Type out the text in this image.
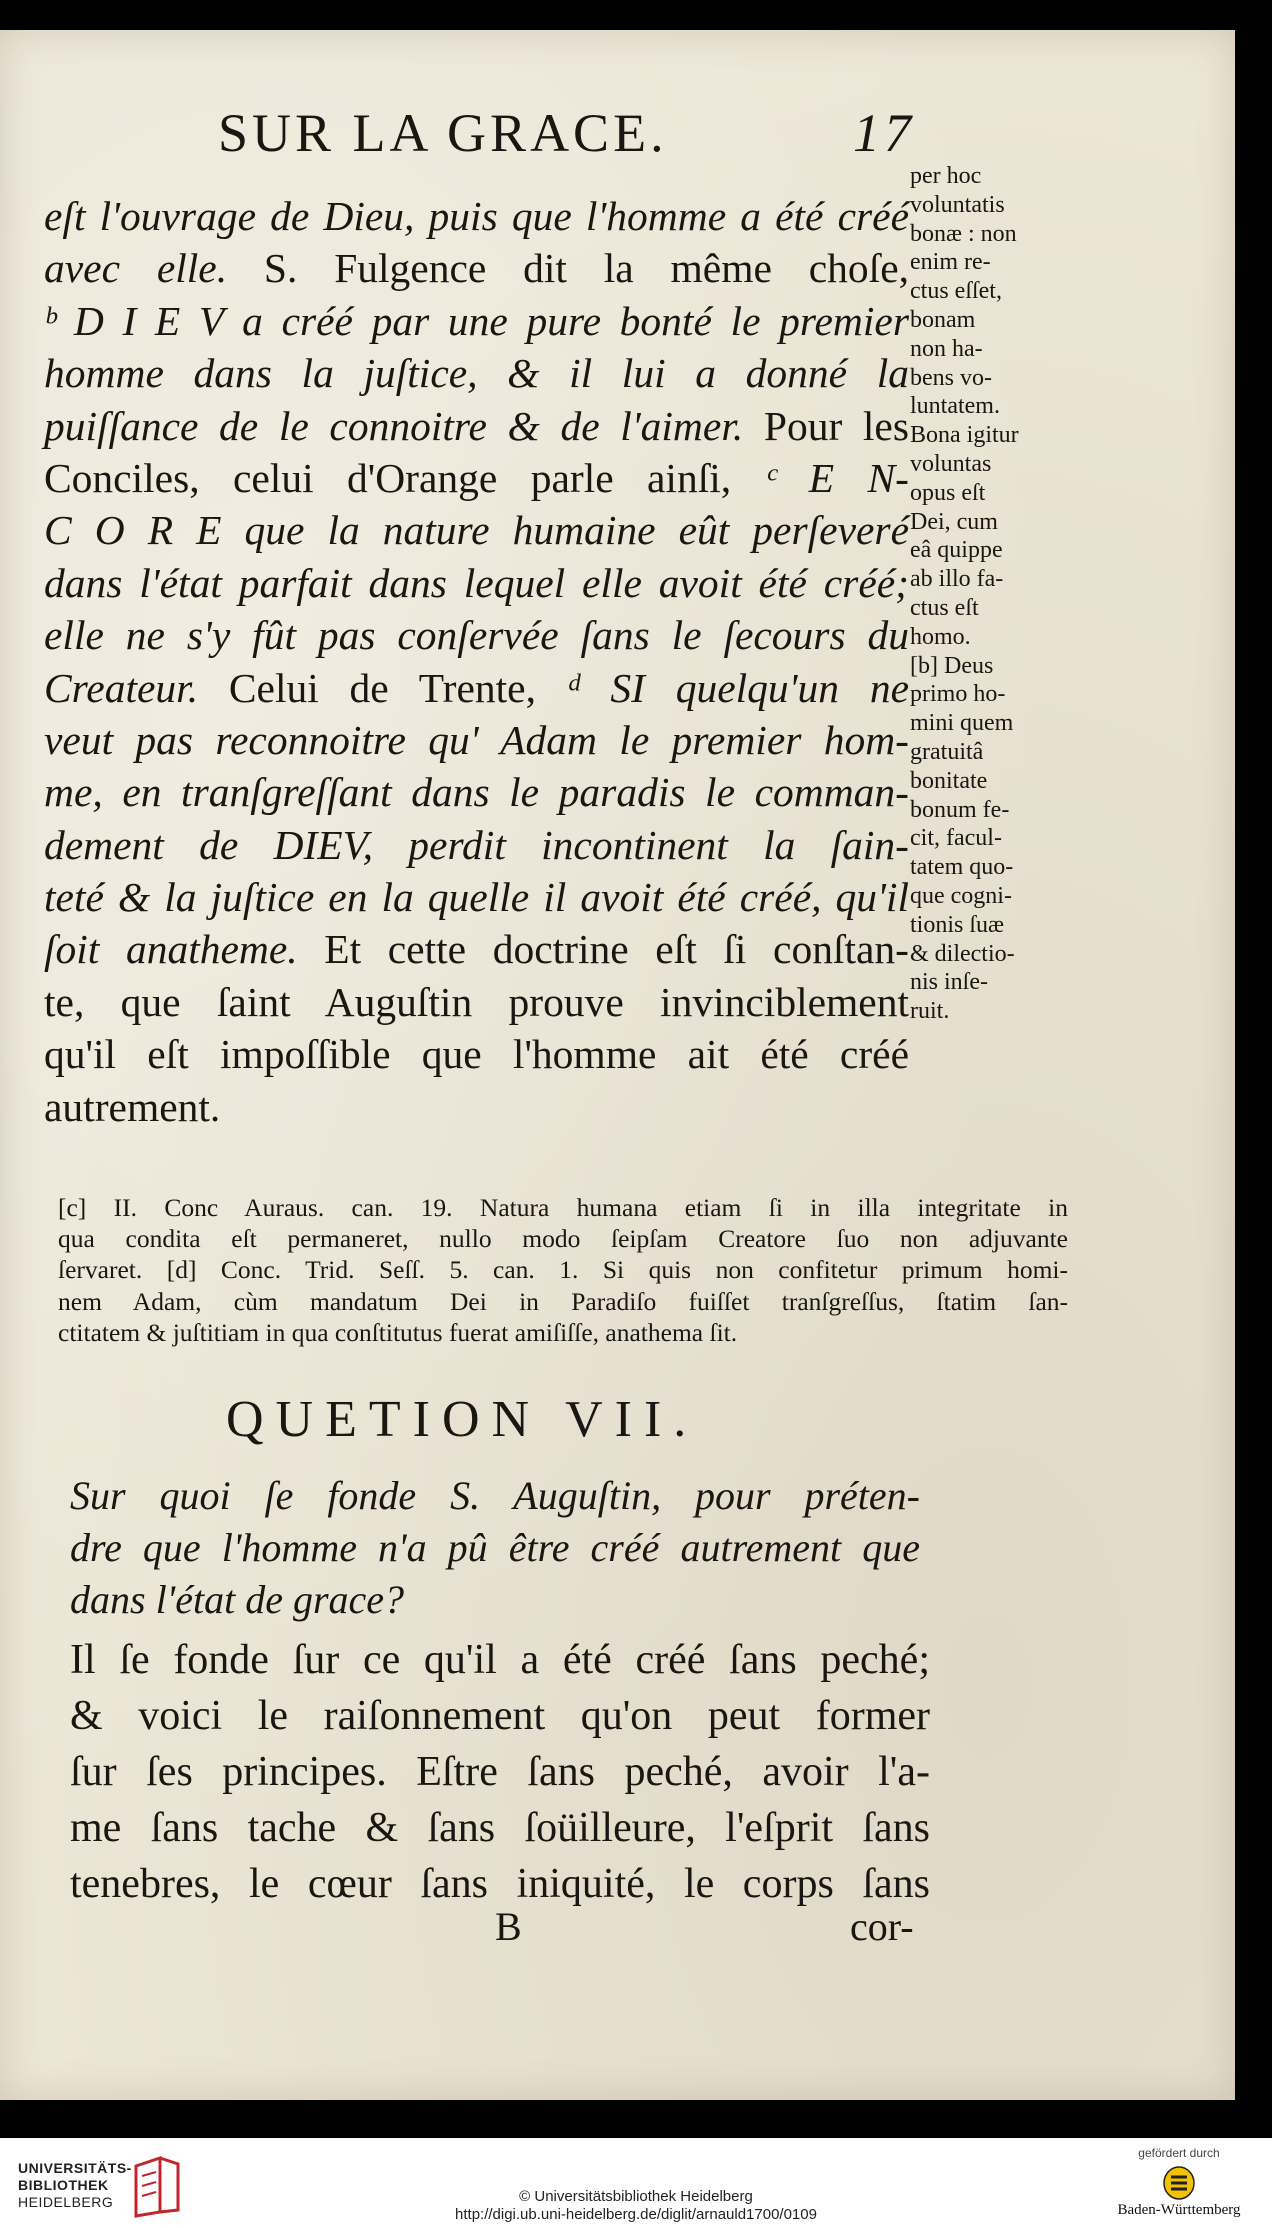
SUR LA GRACE.	17
eſt l'ouvrage de Dieu, puis que l'homme a été créé
avec elle. S. Fulgence dit la même choſe,
ᵇ D I E V a créé par une pure bonté le premier
homme dans la juſtice, & il lui a donné la
puiſſance de le connoitre & de l'aimer. Pour les
Conciles, celui d'Orange parle ainſi, ᶜ E N-
C O R E que la nature humaine eût perſeveré
dans l'état parfait dans lequel elle avoit été créé;
elle ne s'y fût pas conſervée ſans le ſecours du
Createur. Celui de Trente, ᵈ SI quelqu'un ne
veut pas reconnoitre qu' Adam le premier hom-
me, en tranſgreſſant dans le paradis le comman-
dement de DIEV, perdit incontinent la ſain-
teté & la juſtice en la quelle il avoit été créé, qu'il
ſoit anatheme. Et cette doctrine eſt ſi conſtan-
te, que ſaint Auguſtin prouve invinciblement
qu'il eſt impoſſible que l'homme ait été créé
autrement.
per hoc
voluntatis
bonæ : non
enim re-
ctus eſſet,
bonam
non ha-
bens vo-
luntatem.
Bona igitur
voluntas
opus eſt
Dei, cum
eâ quippe
ab illo fa-
ctus eſt
homo.
[b] Deus
primo ho-
mini quem
gratuitâ
bonitate
bonum fe-
cit, facul-
tatem quo-
que cogni-
tionis ſuæ
& dilectio-
nis inſe-
ruit.
[c] II. Conc Auraus. can. 19. Natura humana etiam ſi in illa integritate in
qua condita eſt permaneret, nullo modo ſeipſam Creatore ſuo non adjuvante
ſervaret. [d] Conc. Trid. Seſſ. 5. can. 1. Si quis non confitetur primum homi-
nem Adam, cùm mandatum Dei in Paradiſo fuiſſet tranſgreſſus, ſtatim ſan-
ctitatem & juſtitiam in qua conſtitutus fuerat amiſiſſe, anathema ſit.
QUETION VII.
Sur quoi ſe fonde S. Auguſtin, pour préten-
dre que l'homme n'a pû être créé autrement que
dans l'état de grace?
Il ſe fonde ſur ce qu'il a été créé ſans peché;
& voici le raiſonnement qu'on peut former
ſur ſes principes. Eſtre ſans peché, avoir l'a-
me ſans tache & ſans ſoüilleure, l'eſprit ſans
tenebres, le cœur ſans iniquité, le corps ſans
B	cor-
UNIVERSITÄTS-
BIBLIOTHEK
HEIDELBERG	© Universitätsbibliothek Heidelberg
http://digi.ub.uni-heidelberg.de/diglit/arnauld1700/0109
gefördert durch
Baden-Württemberg
